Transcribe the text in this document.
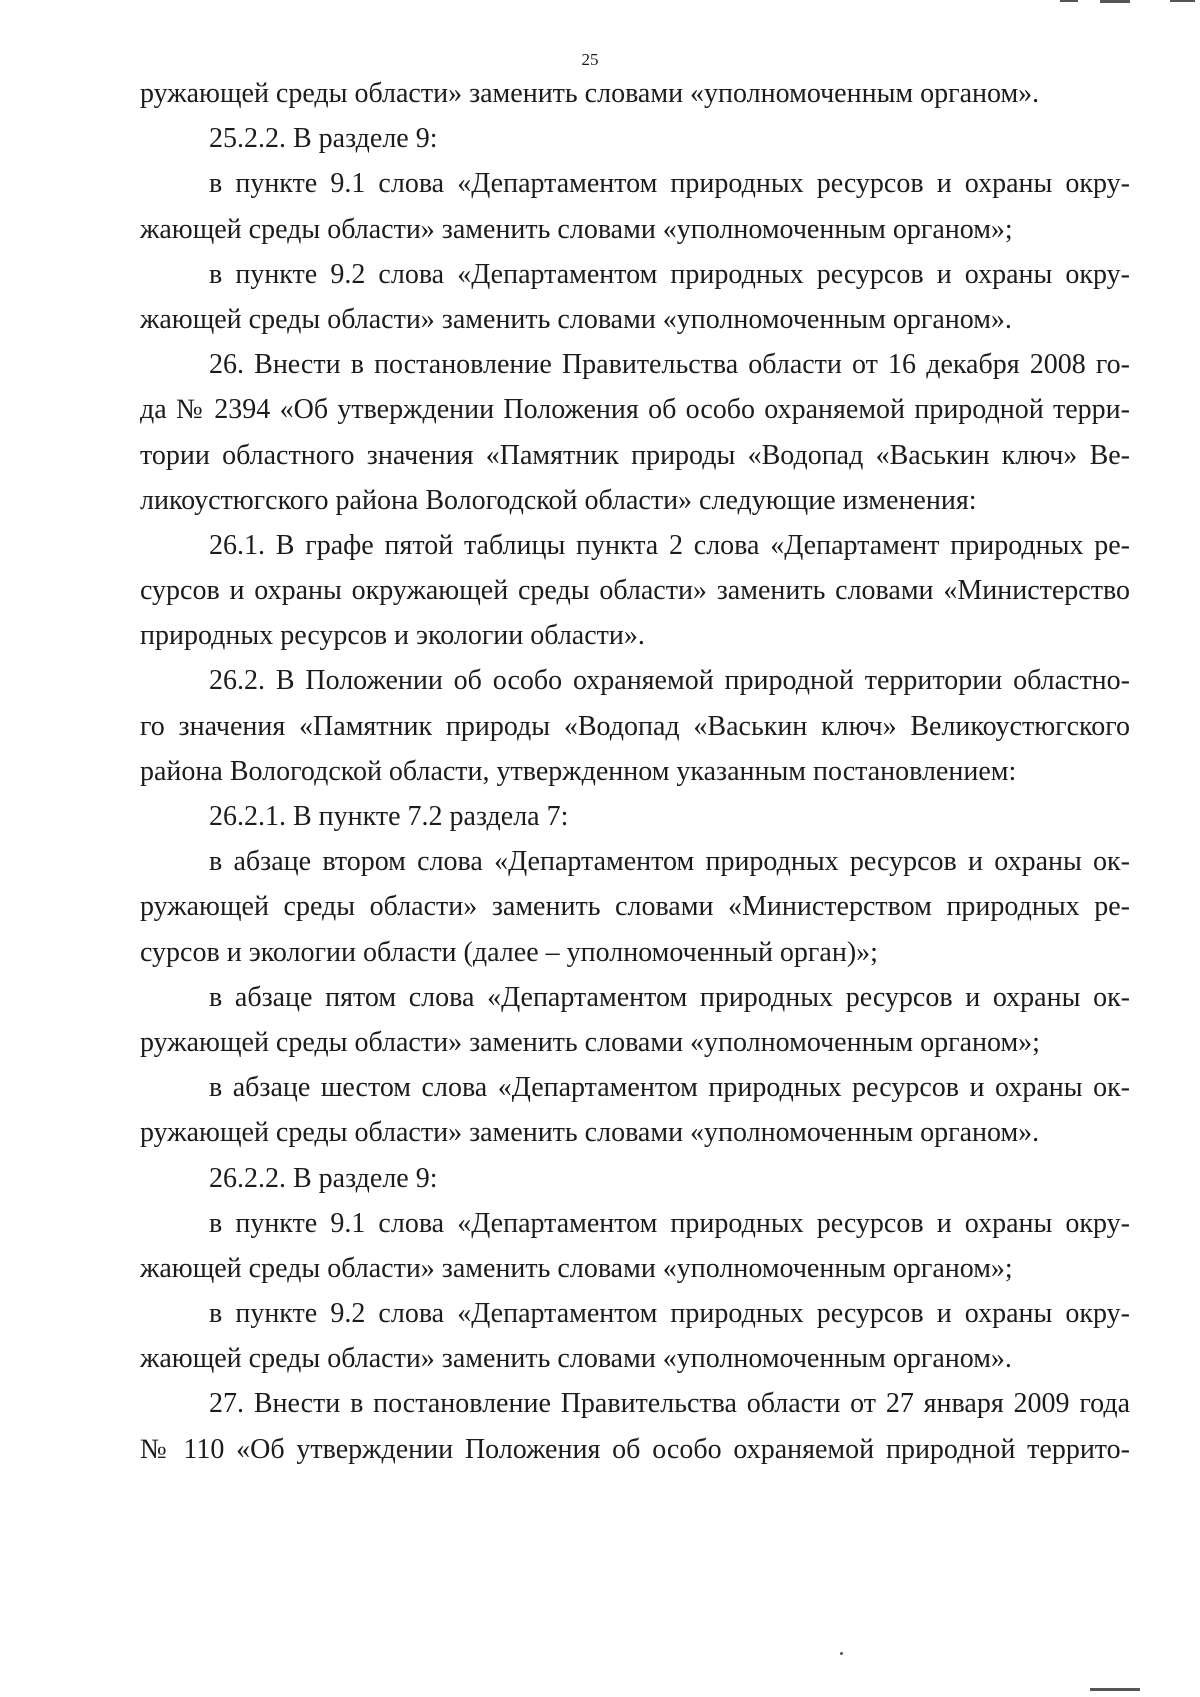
25
ружающей среды области» заменить словами «уполномоченным органом».
25.2.2. В разделе 9:
в пункте 9.1 слова «Департаментом природных ресурсов и охраны окру-
жающей среды области» заменить словами «уполномоченным органом»;
в пункте 9.2 слова «Департаментом природных ресурсов и охраны окру-
жающей среды области» заменить словами «уполномоченным органом».
26. Внести в постановление Правительства области от 16 декабря 2008 го-
да № 2394 «Об утверждении Положения об особо охраняемой природной терри-
тории областного значения «Памятник природы «Водопад «Васькин ключ» Ве-
ликоустюгского района Вологодской области» следующие изменения:
26.1. В графе пятой таблицы пункта 2 слова «Департамент природных ре-
сурсов и охраны окружающей среды области» заменить словами «Министерство
природных ресурсов и экологии области».
26.2. В Положении об особо охраняемой природной территории областно-
го значения «Памятник природы «Водопад «Васькин ключ» Великоустюгского
района Вологодской области, утвержденном указанным постановлением:
26.2.1. В пункте 7.2 раздела 7:
в абзаце втором слова «Департаментом природных ресурсов и охраны ок-
ружающей среды области» заменить словами «Министерством природных ре-
сурсов и экологии области (далее – уполномоченный орган)»;
в абзаце пятом слова «Департаментом природных ресурсов и охраны ок-
ружающей среды области» заменить словами «уполномоченным органом»;
в абзаце шестом слова «Департаментом природных ресурсов и охраны ок-
ружающей среды области» заменить словами «уполномоченным органом».
26.2.2. В разделе 9:
в пункте 9.1 слова «Департаментом природных ресурсов и охраны окру-
жающей среды области» заменить словами «уполномоченным органом»;
в пункте 9.2 слова «Департаментом природных ресурсов и охраны окру-
жающей среды области» заменить словами «уполномоченным органом».
27. Внести в постановление Правительства области от 27 января 2009 года
№ 110 «Об утверждении Положения об особо охраняемой природной террито-
